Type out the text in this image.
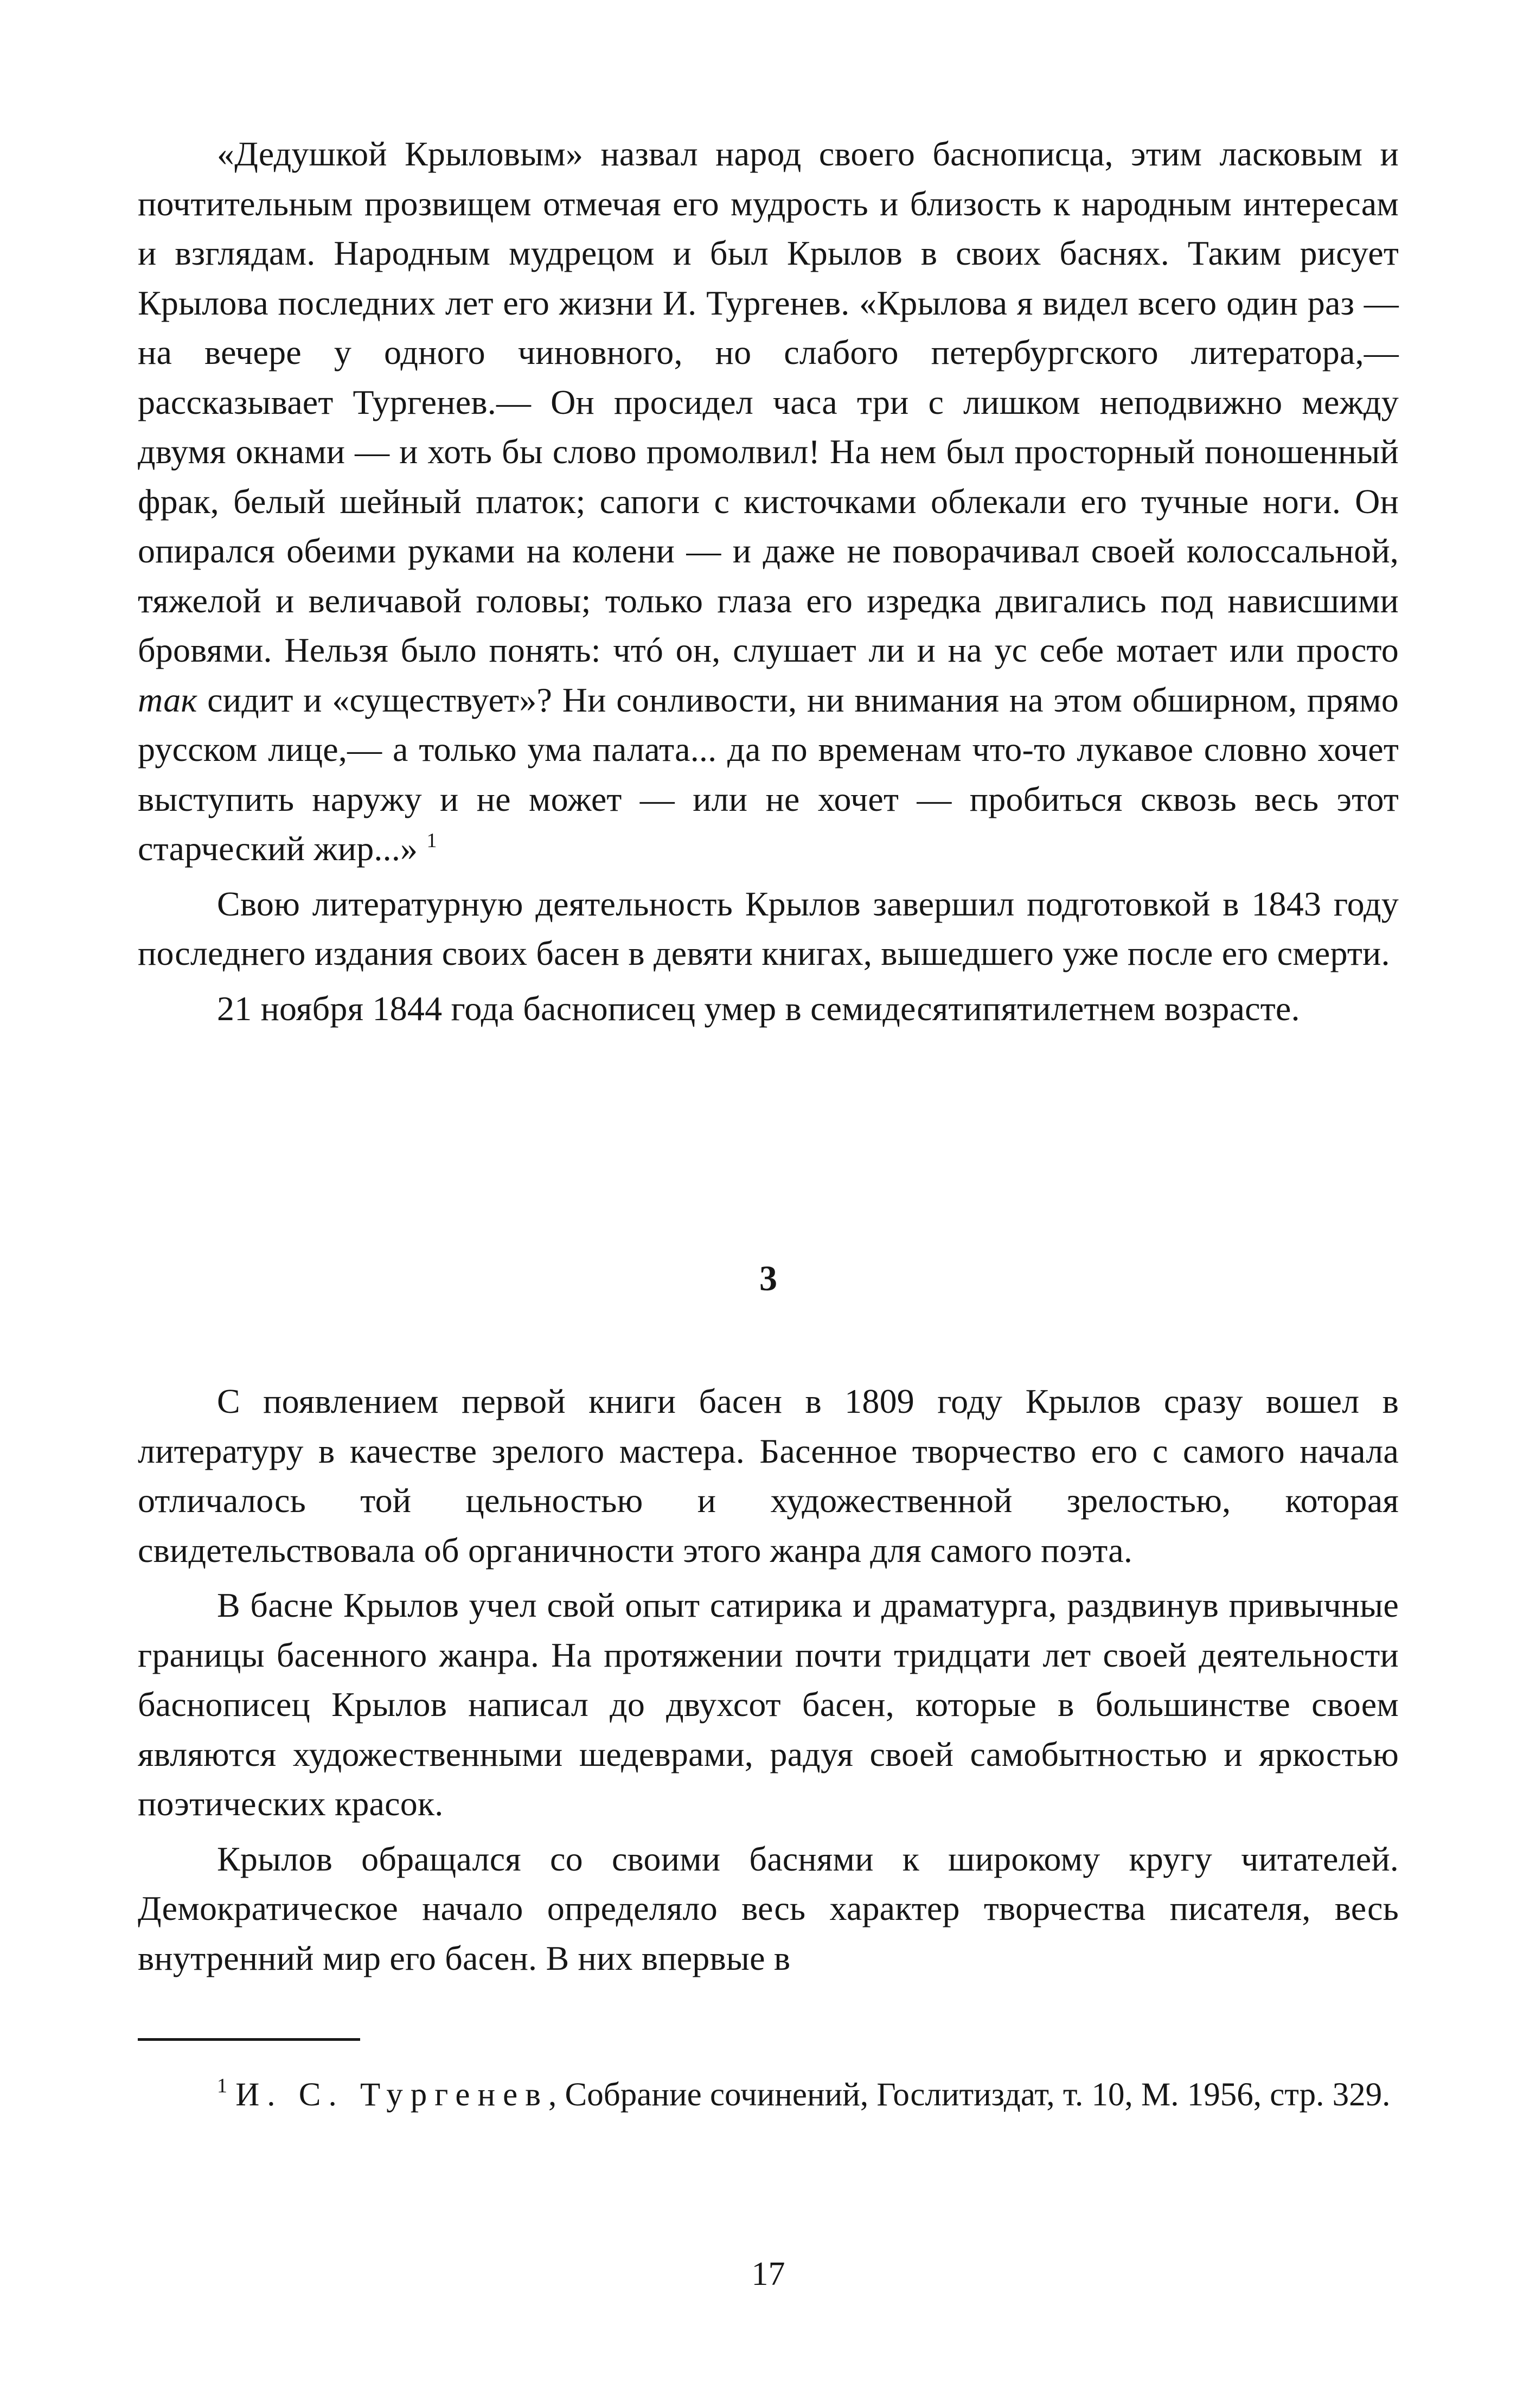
«Дедушкой Крыловым» назвал народ своего баснописца, этим ласковым и почтительным прозвищем отмечая его мудрость и близость к народным интересам и взглядам. Народным мудрецом и был Крылов в своих баснях. Таким рисует Крылова последних лет его жизни И. Тургенев. «Крылова я видел всего один раз — на вечере у одного чиновного, но слабого петербургского литератора,— рассказывает Тургенев.— Он просидел часа три с лишком неподвижно между двумя окнами — и хоть бы слово промолвил! На нем был просторный поношенный фрак, белый шейный платок; сапоги с кисточками облекали его тучные ноги. Он опирался обеими руками на колени — и даже не поворачивал своей колоссальной, тяжелой и величавой головы; только глаза его изредка двигались под нависшими бровями. Нельзя было понять: чтó он, слушает ли и на ус себе мотает или просто так сидит и «существует»? Ни сонливости, ни внимания на этом обширном, прямо русском лице,— а только ума палата... да по временам что-то лукавое словно хочет выступить наружу и не может — или не хочет — пробиться сквозь весь этот старческий жир...» $^1$

Свою литературную деятельность Крылов завершил подготовкой в 1843 году последнего издания своих басен в девяти книгах, вышедшего уже после его смерти.

21 ноября 1844 года баснописец умер в семидесятипятилетнем возрасте.

3

С появлением первой книги басен в 1809 году Крылов сразу вошел в литературу в качестве зрелого мастера. Басенное творчество его с самого начала отличалось той цельностью и художественной зрелостью, которая свидетельствовала об органичности этого жанра для самого поэта.

В басне Крылов учел свой опыт сатирика и драматурга, раздвинув привычные границы басенного жанра. На протяжении почти тридцати лет своей деятельности баснописец Крылов написал до двухсот басен, которые в большинстве своем являются художественными шедеврами, радуя своей самобытностью и яркостью поэтических красок.

Крылов обращался со своими баснями к широкому кругу читателей. Демократическое начало определяло весь характер творчества писателя, весь внутренний мир его басен. В них впервые в

$^1$ И. С. Тургенев, Собрание сочинений, Гослитиздат, т. 10, М. 1956, стр. 329.

17
